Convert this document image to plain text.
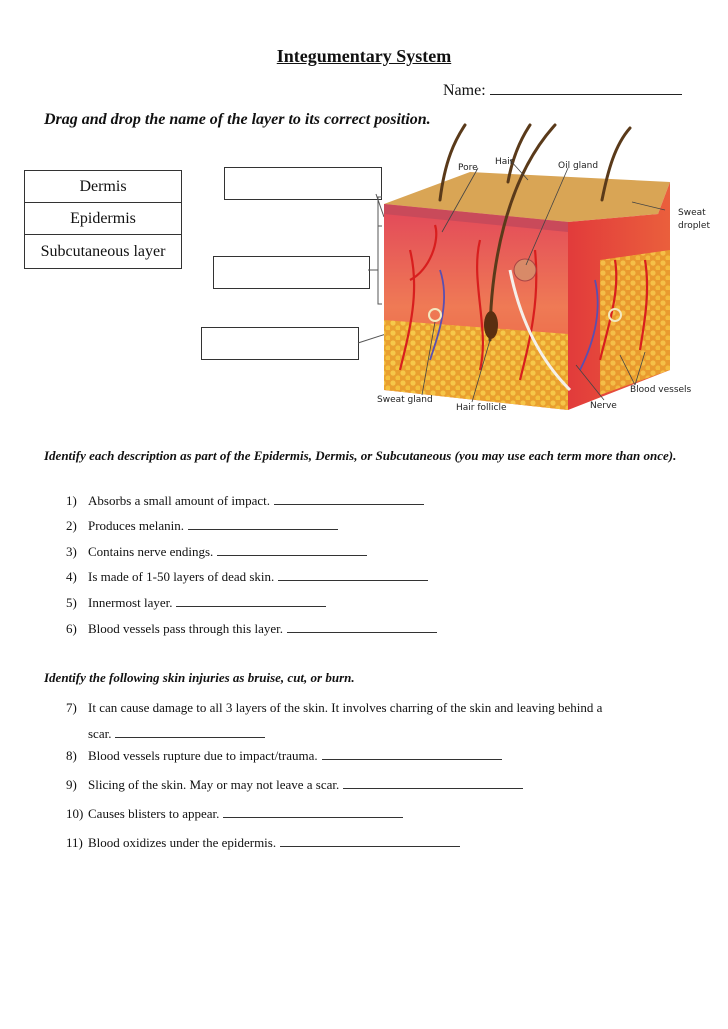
Integumentary System
Name:
Drag and drop the name of the layer to its correct position.
Dermis
Epidermis
Subcutaneous layer
Pore
Hair	Oil gland
Sweat
droplet
Blood vessels
Nerve
Sweat gland
Hair follicle
Identify each description as part of the Epidermis, Dermis, or Subcutaneous (you may use each term more than once).
1) Absorbs a small amount of impact.
2) Produces melanin.
3) Contains nerve endings.
4) Is made of 1-50 layers of dead skin.
5) Innermost layer.
6) Blood vessels pass through this layer.
Identify the following skin injuries as bruise, cut, or burn.
7) It can cause damage to all 3 layers of the skin. It involves charring of the skin and leaving behind a
scar.
8) Blood vessels rupture due to impact/trauma.
9) Slicing of the skin. May or may not leave a scar.
10) Causes blisters to appear.
11) Blood oxidizes under the epidermis.
